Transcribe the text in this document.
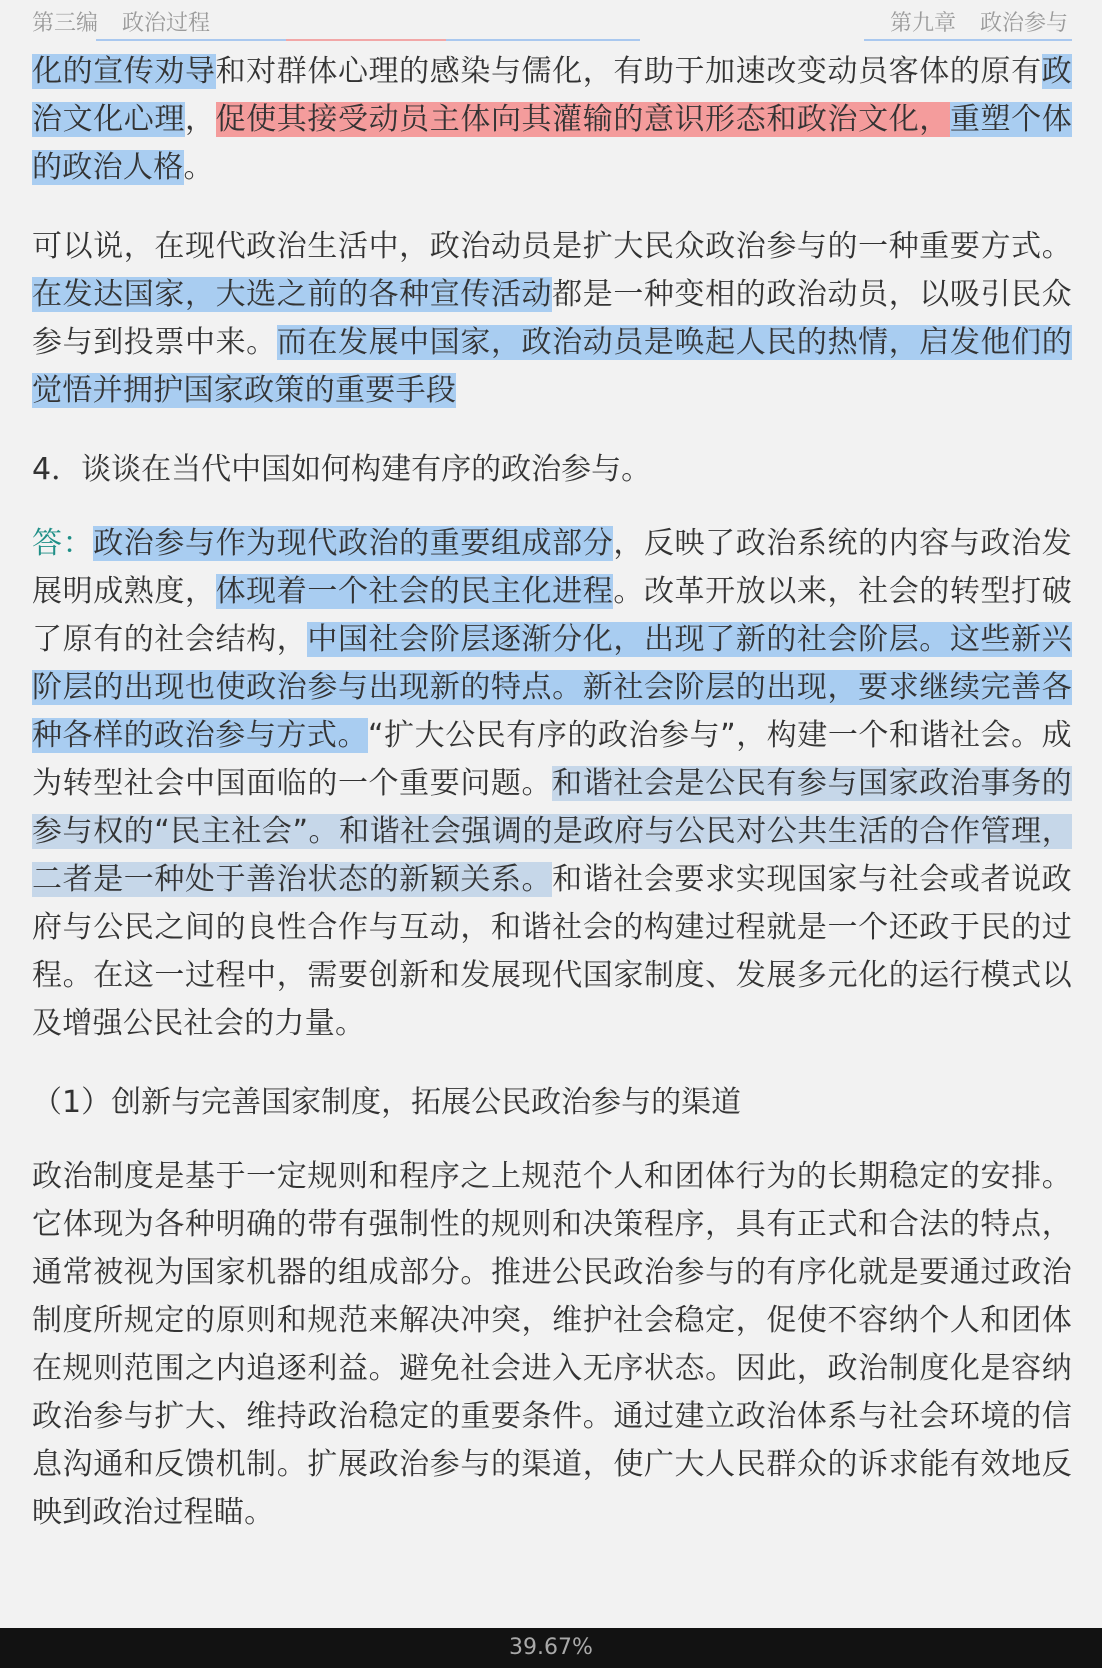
第三编 政治过程	第九章 政治参与

化的宣传劝导和对群体心理的感染与儒化，有助于加速改变动员客体的原有政治文化心理，促使其接受动员主体向其灌输的意识形态和政治文化，重塑个体的政治人格。

可以说，在现代政治生活中，政治动员是扩大民众政治参与的一种重要方式。在发达国家，大选之前的各种宣传活动都是一种变相的政治动员，以吸引民众参与到投票中来。而在发展中国家，政治动员是唤起人民的热情，启发他们的觉悟并拥护国家政策的重要手段

4．谈谈在当代中国如何构建有序的政治参与。

答：政治参与作为现代政治的重要组成部分，反映了政治系统的内容与政治发展明成熟度，体现着一个社会的民主化进程。改革开放以来，社会的转型打破了原有的社会结构，中国社会阶层逐渐分化，出现了新的社会阶层。这些新兴阶层的出现也使政治参与出现新的特点。新社会阶层的出现，要求继续完善各种各样的政治参与方式。“扩大公民有序的政治参与”，构建一个和谐社会。成为转型社会中国面临的一个重要问题。和谐社会是公民有参与国家政治事务的参与权的“民主社会”。和谐社会强调的是政府与公民对公共生活的合作管理，二者是一种处于善治状态的新颖关系。和谐社会要求实现国家与社会或者说政府与公民之间的良性合作与互动，和谐社会的构建过程就是一个还政于民的过程。在这一过程中，需要创新和发展现代国家制度、发展多元化的运行模式以及增强公民社会的力量。

（1）创新与完善国家制度，拓展公民政治参与的渠道

政治制度是基于一定规则和程序之上规范个人和团体行为的长期稳定的安排。它体现为各种明确的带有强制性的规则和决策程序，具有正式和合法的特点，通常被视为国家机器的组成部分。推进公民政治参与的有序化就是要通过政治制度所规定的原则和规范来解决冲突，维护社会稳定，促使不容纳个人和团体在规则范围之内追逐利益。避免社会进入无序状态。因此，政治制度化是容纳政治参与扩大、维持政治稳定的重要条件。通过建立政治体系与社会环境的信息沟通和反馈机制。扩展政治参与的渠道，使广大人民群众的诉求能有效地反映到政治过程瞄。

39.67%
